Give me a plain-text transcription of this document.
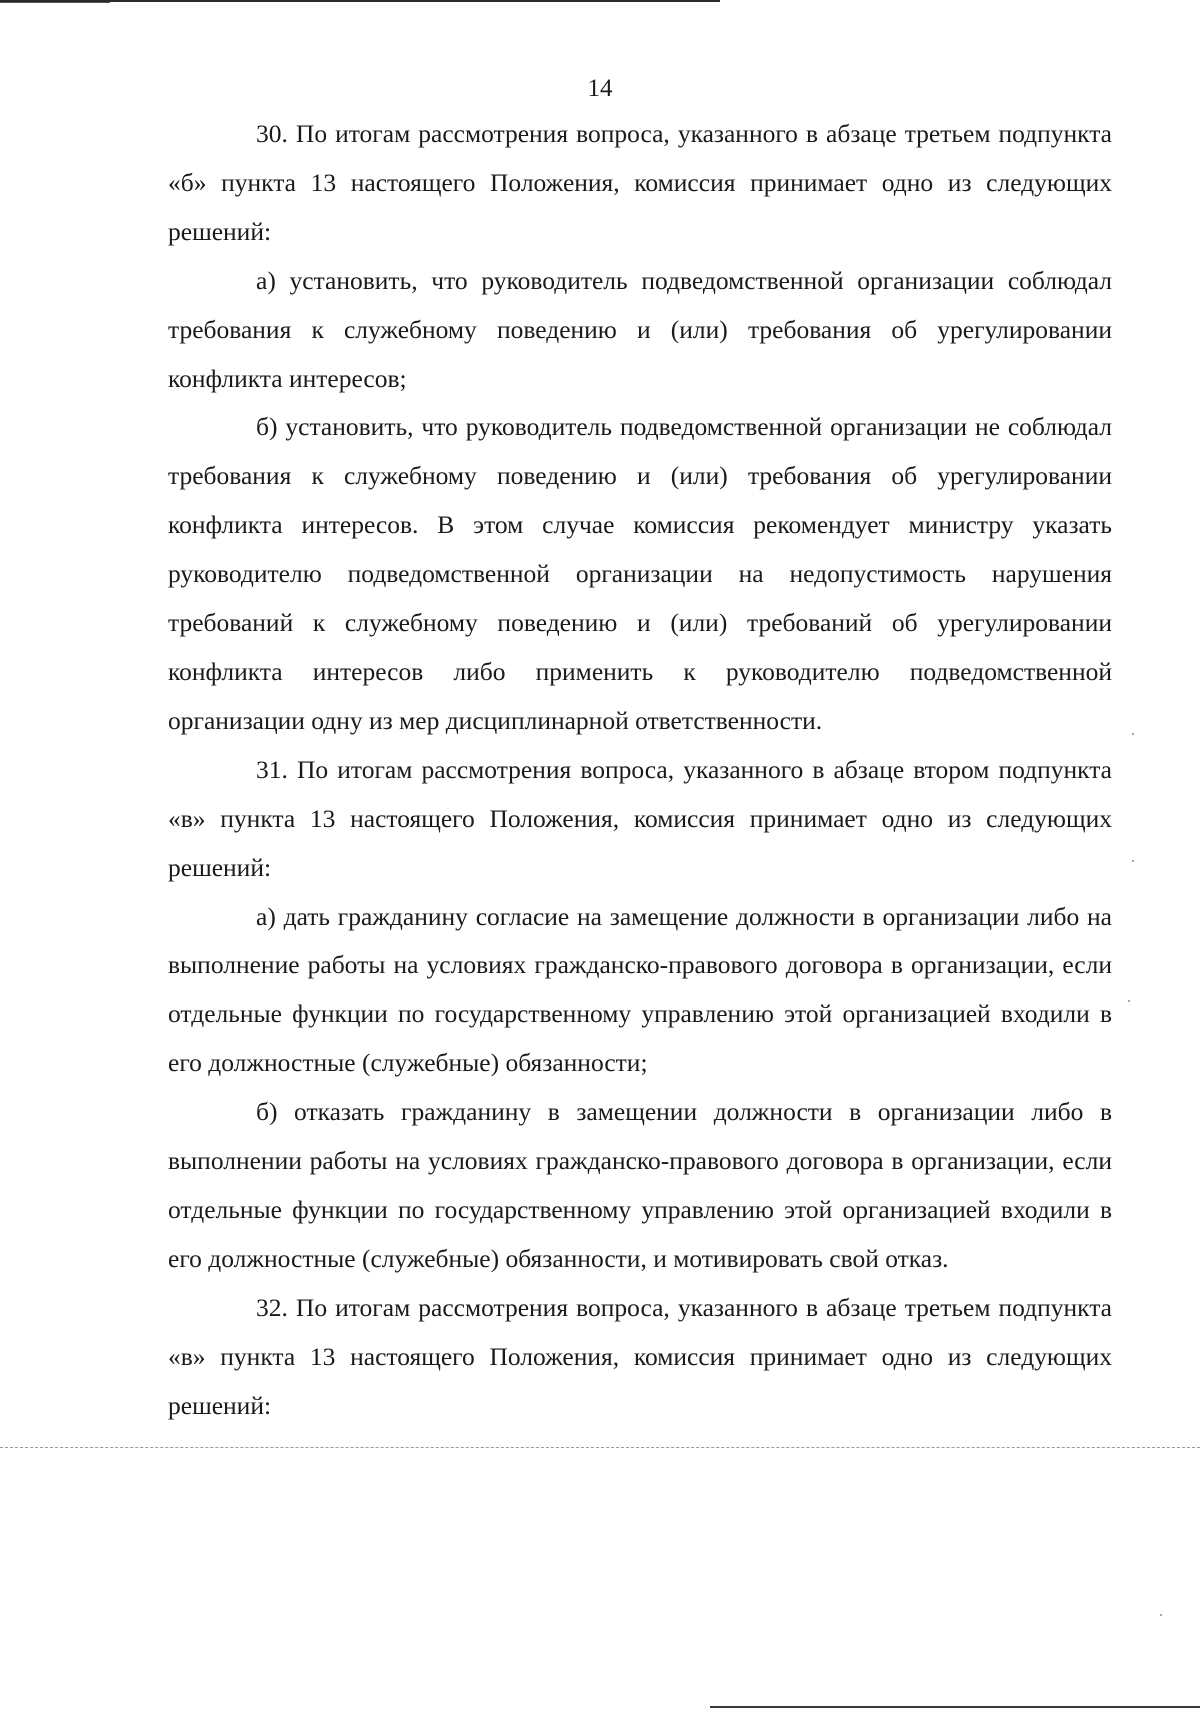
14

30. По итогам рассмотрения вопроса, указанного в абзаце третьем подпункта «б» пункта 13 настоящего Положения, комиссия принимает одно из следующих решений:

а) установить, что руководитель подведомственной организации соблюдал требования к служебному поведению и (или) требования об урегулировании конфликта интересов;

б) установить, что руководитель подведомственной организации не соблюдал требования к служебному поведению и (или) требования об урегулировании конфликта интересов. В этом случае комиссия рекомендует министру указать руководителю подведомственной организации на недопустимость нарушения требований к служебному поведению и (или) требований об урегулировании конфликта интересов либо применить к руководителю подведомственной организации одну из мер дисциплинарной ответственности.

31. По итогам рассмотрения вопроса, указанного в абзаце втором подпункта «в» пункта 13 настоящего Положения, комиссия принимает одно из следующих решений:

а) дать гражданину согласие на замещение должности в организации либо на выполнение работы на условиях гражданско-правового договора в организации, если отдельные функции по государственному управлению этой организацией входили в его должностные (служебные) обязанности;

б) отказать гражданину в замещении должности в организации либо в выполнении работы на условиях гражданско-правового договора в организации, если отдельные функции по государственному управлению этой организацией входили в его должностные (служебные) обязанности, и мотивировать свой отказ.

32. По итогам рассмотрения вопроса, указанного в абзаце третьем подпункта «в» пункта 13 настоящего Положения, комиссия принимает одно из следующих решений:
